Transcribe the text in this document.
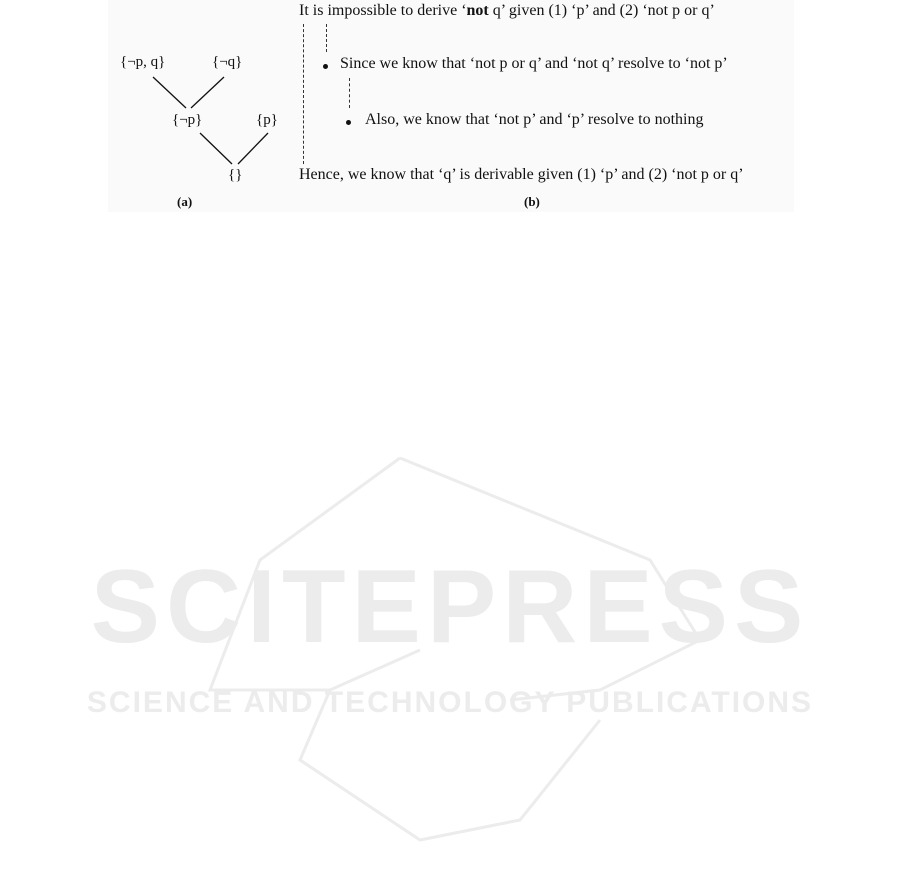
{¬p, q}	{¬q}
{¬p}	{p}
{}
(a)
It is impossible to derive ‘not q’ given (1) ‘p’ and (2) ‘not p or q’
Since we know that ‘not p or q’ and ‘not q’ resolve to ‘not p’
Also, we know that ‘not p’ and ‘p’ resolve to nothing
Hence, we know that ‘q’ is derivable given (1) ‘p’ and (2) ‘not p or q’
(b)
SCITEPRESS
SCIENCE AND TECHNOLOGY PUBLICATIONS
